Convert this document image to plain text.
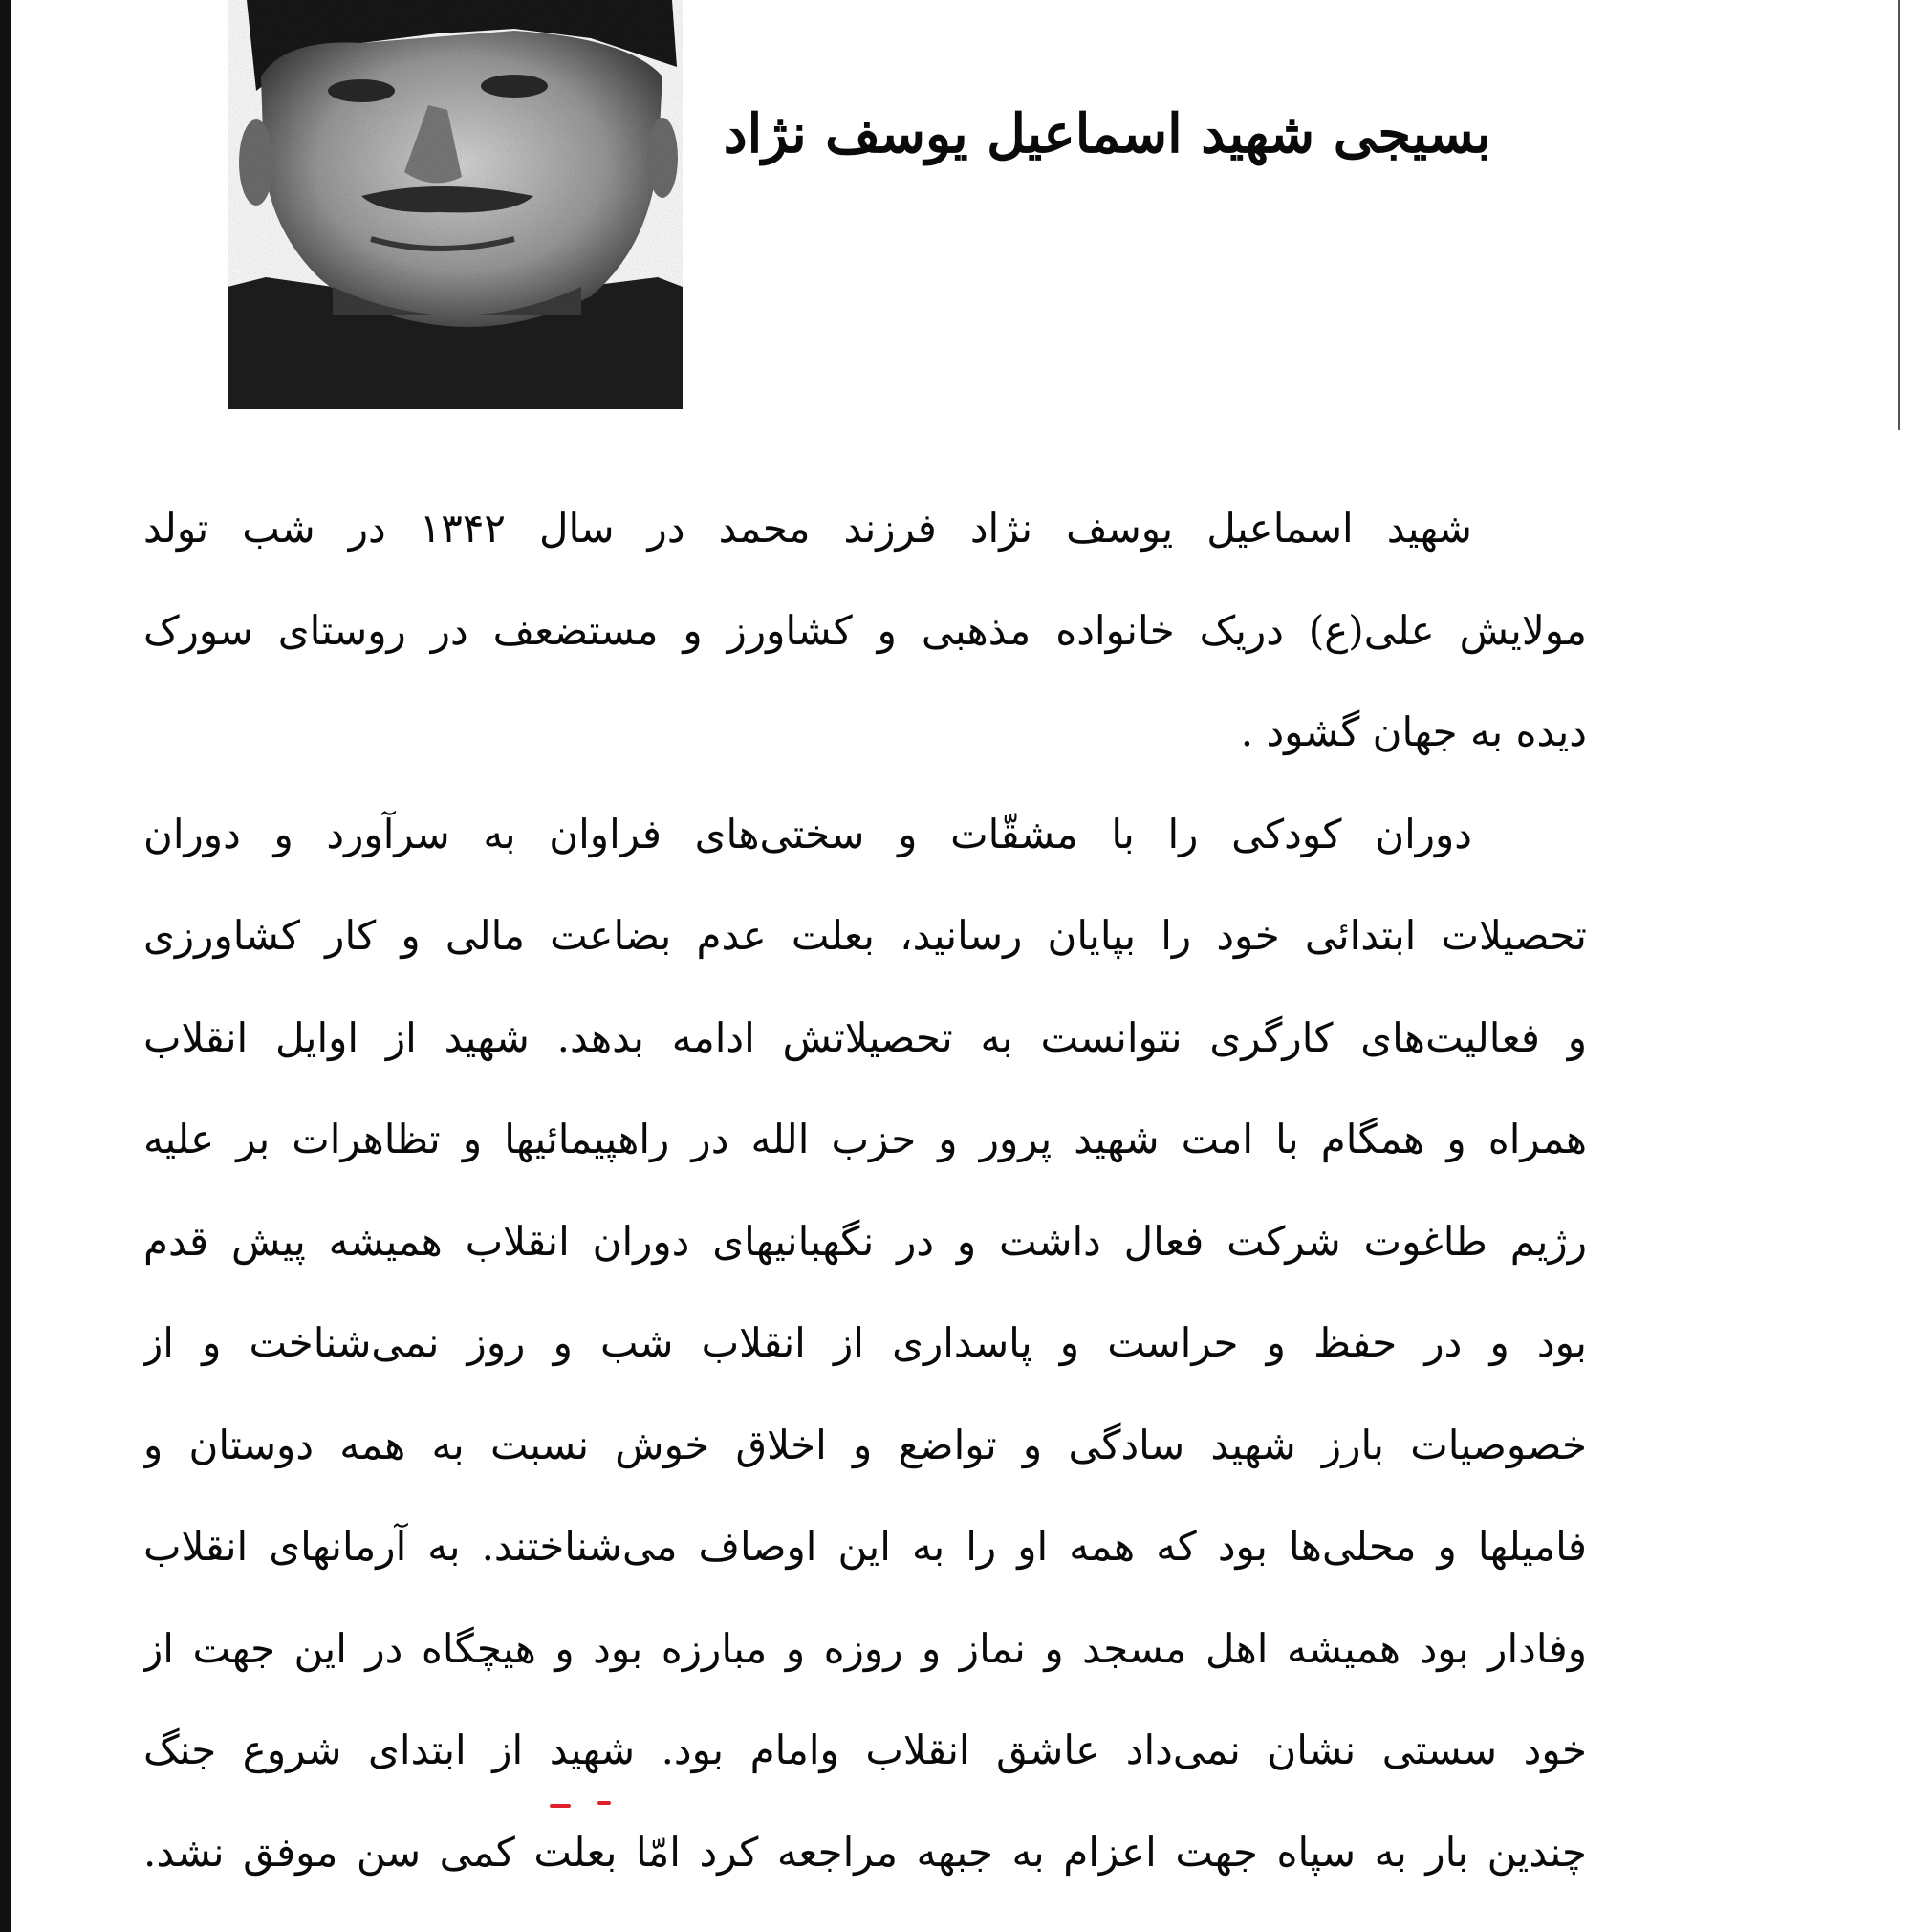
بسیجی شهید اسماعیل یوسف نژاد
شهید اسماعیل یوسف نژاد فرزند محمد در سال ۱۳۴۲ در شب تولد
مولایش علی(ع) دریک خانواده مذهبی و کشاورز و مستضعف در روستای سورک
دیده به جهان گشود .
دوران کودکی را با مشقّات و سختی‌های فراوان به سرآورد و دوران
تحصیلات ابتدائی خود را بپایان رسانید، بعلت عدم بضاعت مالی و کار کشاورزی
و فعالیت‌های کارگری نتوانست به تحصیلاتش ادامه بدهد. شهید از اوایل انقلاب
همراه و همگام با امت شهید پرور و حزب الله در راهپیمائیها و تظاهرات بر علیه
رژیم طاغوت شرکت فعال داشت و در نگهبانیهای دوران انقلاب همیشه پیش قدم
بود و در حفظ و حراست و پاسداری از انقلاب شب و روز نمی‌شناخت و از
خصوصیات بارز شهید سادگی و تواضع و اخلاق خوش نسبت به همه دوستان و
فامیلها و محلی‌ها بود که همه او را به این اوصاف می‌شناختند. به آرمانهای انقلاب
وفادار بود همیشه اهل مسجد و نماز و روزه و مبارزه بود و هیچگاه در این جهت از
خود سستی نشان نمی‌داد عاشق انقلاب وامام بود. شهید از ابتدای شروع جنگ
چندین بار به سپاه جهت اعزام به جبهه مراجعه کرد امّا بعلت کمی سن موفق نشد.
